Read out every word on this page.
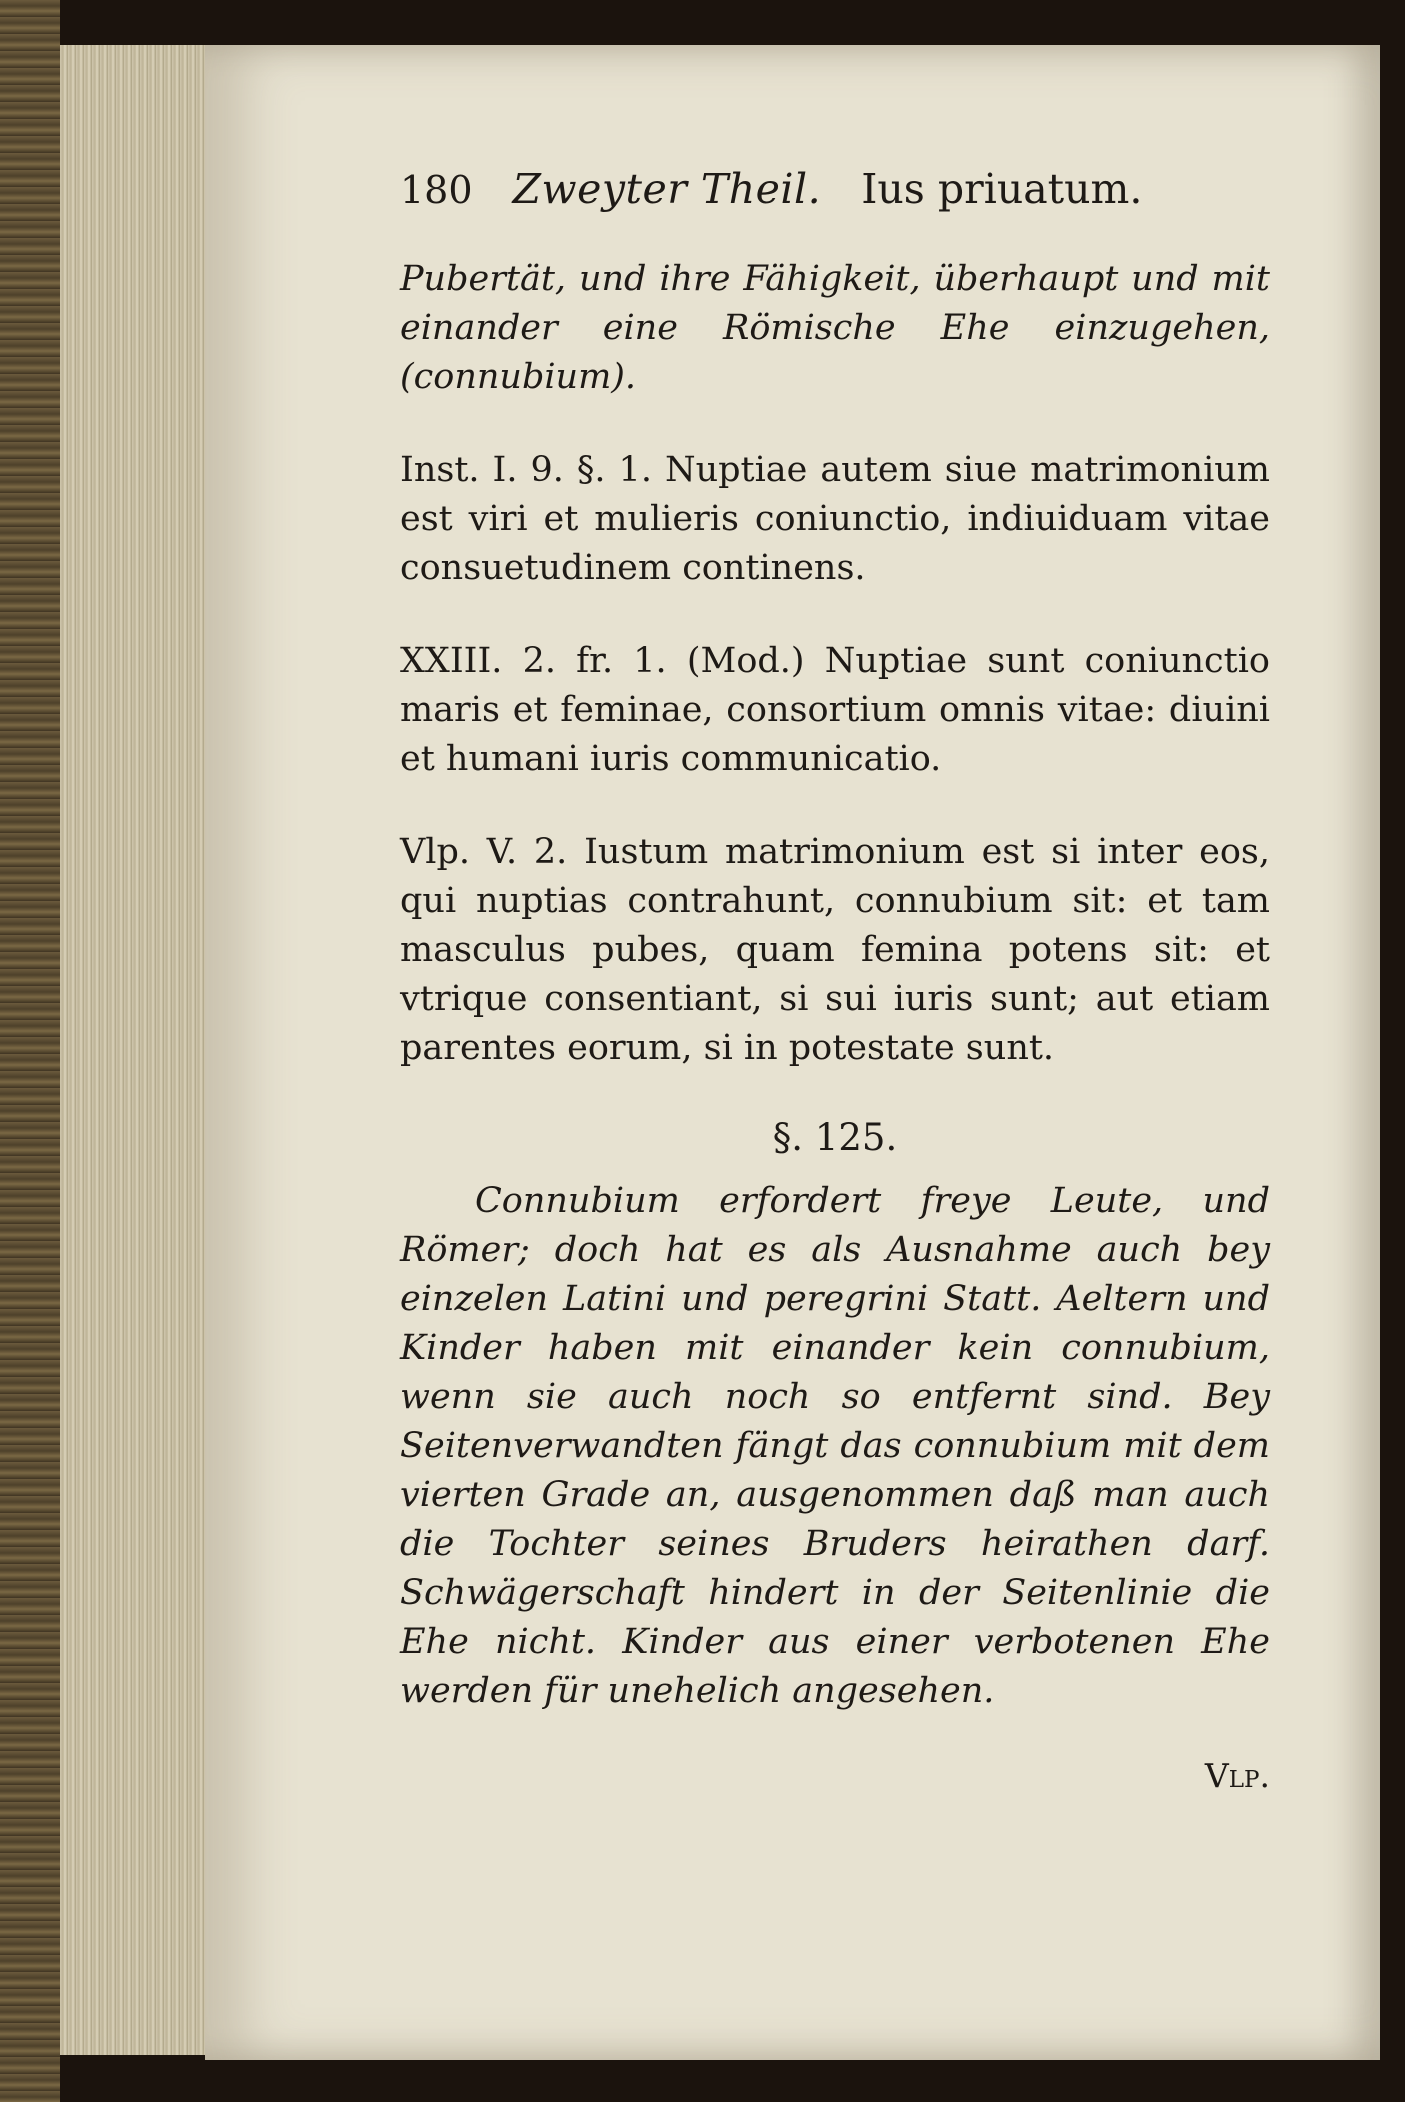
180 Zweyter Theil. Ius priuatum.

Pubertät, und ihre Fähigkeit, überhaupt und mit einander eine Römische Ehe einzugehen, (connubium).

Inst. I. 9. §. 1. Nuptiae autem siue matrimonium est viri et mulieris coniunctio, indiuiduam vitae consuetudinem continens.

XXIII. 2. fr. 1. (Mod.) Nuptiae sunt coniunctio maris et feminae, consortium omnis vitae: diuini et humani iuris communicatio.

Vlp. V. 2. Iustum matrimonium est si inter eos, qui nuptias contrahunt, connubium sit: et tam masculus pubes, quam femina potens sit: et vtrique consentiant, si sui iuris sunt; aut etiam parentes eorum, si in potestate sunt.

§. 125.

Connubium erfordert freye Leute, und Römer; doch hat es als Ausnahme auch bey einzelen Latini und peregrini Statt. Aeltern und Kinder haben mit einander kein connubium, wenn sie auch noch so entfernt sind. Bey Seitenverwandten fängt das connubium mit dem vierten Grade an, ausgenommen daß man auch die Tochter seines Bruders heirathen darf. Schwägerschaft hindert in der Seitenlinie die Ehe nicht. Kinder aus einer verbotenen Ehe werden für unehelich angesehen.

Vlp.
